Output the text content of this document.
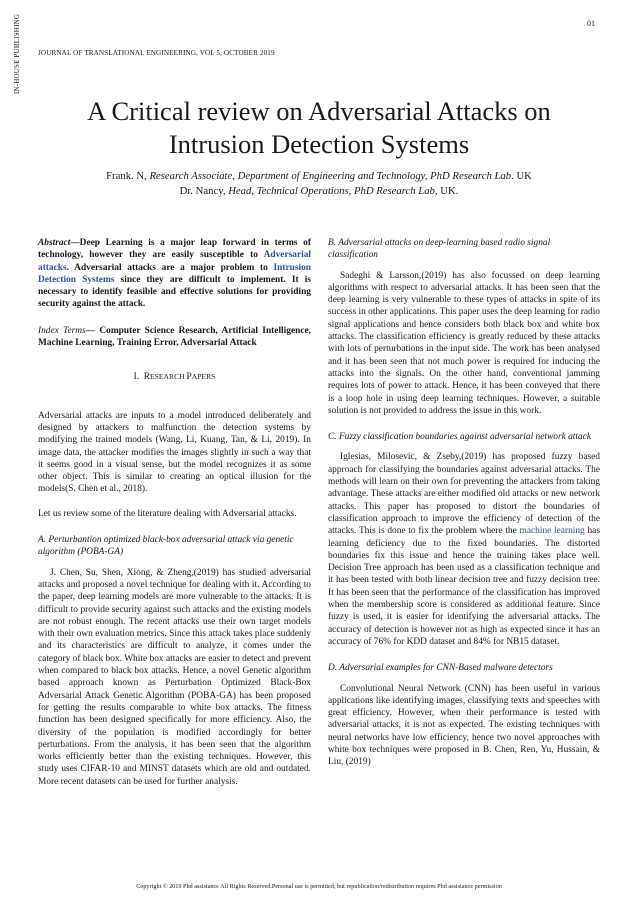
IN-HOUSE PUBLISHING	01
JOURNAL OF TRANSLATIONAL ENGINEERING, VOL 5, OCTOBER 2019
A Critical review on Adversarial Attacks on
Intrusion Detection Systems
Frank. N, Research Associate, Department of Engineering and Technology, PhD Research Lab. UK
Dr. Nancy, Head, Technical Operations, PhD Research Lab, UK.

Abstract—Deep Learning is a major leap forward in terms of technology, however they are easily susceptible to Adversarial attacks. Adversarial attacks are a major problem to Intrusion Detection Systems since they are difficult to implement. It is necessary to identify feasible and effective solutions for providing security against the attack.

Index Terms— Computer Science Research, Artificial Intelligence, Machine Learning, Training Error, Adversarial Attack

I. RESEARCH PAPERS

Adversarial attacks are inputs to a model introduced deliberately and designed by attackers to malfunction the detection systems by modifying the trained models (Wang, Li, Kuang, Tan, & Li, 2019). In image data, the attacker modifies the images slightly in such a way that it seems good in a visual sense, but the model recognizes it as some other object. This is similar to creating an optical illusion for the models(S. Chen et al., 2018).

Let us review some of the literature dealing with Adversarial attacks.

A. Perturbantion optimized black-box adversarial attack via genetic algorithm (POBA-GA)

J. Chen, Su, Shen, Xiong, & Zheng,(2019) has studied adversarial attacks and proposed a novel technique for dealing with it. According to the paper, deep learning models are more vulnerable to the attacks. It is difficult to provide security against such attacks and the existing models are not robust enough. The recent attacks use their own target models with their own evaluation metrics. Since this attack takes place suddenly and its characteristics are difficult to analyze, it comes under the category of black box. White box attacks are easier to detect and prevent when compared to black box attacks. Hence, a novel Genetic algorithm based approach known as Perturbation Optimized Black-Box Adversarial Attack Genetic Algorithm (POBA-GA) has been proposed for getting the results comparable to white box attacks. The fitness function has been designed specifically for more efficiency. Also, the diversity of the population is modified accordingly for better perturbations. From the analysis, it has been seen that the algorithm works efficiently better than the existing techniques. However, this study uses CIFAR-10 and MINST datasets which are old and outdated. More recent datasets can be used for further analysis.

B. Adversarial attacks on deep-learning based radio signal classification

Sadeghi & Larsson,(2019) has also focussed on deep learning algorithms with respect to adversarial attacks. It has been seen that the deep learning is very vulnerable to these types of attacks in spite of its success in other applications. This paper uses the deep learning for radio signal applications and hence considers both black box and white box attacks. The classification efficiency is greatly reduced by these attacks with lots of perturbations in the input side. The work has been analysed and it has been seen that not much power is required for inducing the attacks into the signals. On the other hand, conventional jamming requires lots of power to attack. Hence, it has been conveyed that there is a loop hole in using deep learning techniques. However, a suitable solution is not provided to address the issue in this work.

C. Fuzzy classification boundaries against adversarial network attack

Iglesias, Milosevic, & Zseby,(2019) has proposed fuzzy based approach for classifying the boundaries against adversarial attacks. The methods will learn on their own for preventing the attackers from taking advantage. These attacks are either modified old attacks or new network attacks. This paper has proposed to distort the boundaries of classification approach to improve the efficiency of detection of the attacks. This is done to fix the problem where the machine learning has learning deficiency due to the fixed boundaries. The distorted boundaries fix this issue and hence the training takes place well. Decision Tree approach has been used as a classification technique and it has been tested with both linear decision tree and fuzzy decision tree. It has been seen that the performance of the classification has improved when the membership score is considered as additional feature. Since fuzzy is used, it is easier for identifying the adversarial attacks. The accuracy of detection is however not as high as expected since it has an accuracy of 76% for KDD dataset and 84% for NB15 dataset.

D. Adversarial examples for CNN-Based malware detectors

Convolutional Neural Network (CNN) has been useful in various applications like identifying images, classifying texts and speeches with great efficiency. However, when their performance is tested with adversarial attacks, it is not as expected. The existing techniques with neural networks have low efficiency, hence two novel approaches with white box techniques were proposed in B. Chen, Ren, Yu, Hussain, & Liu, (2019)

Copyright © 2019 Phd assistance All Rights Reserved.Personal use is permitted, but republication/redistribution requires Phd assistance permission
